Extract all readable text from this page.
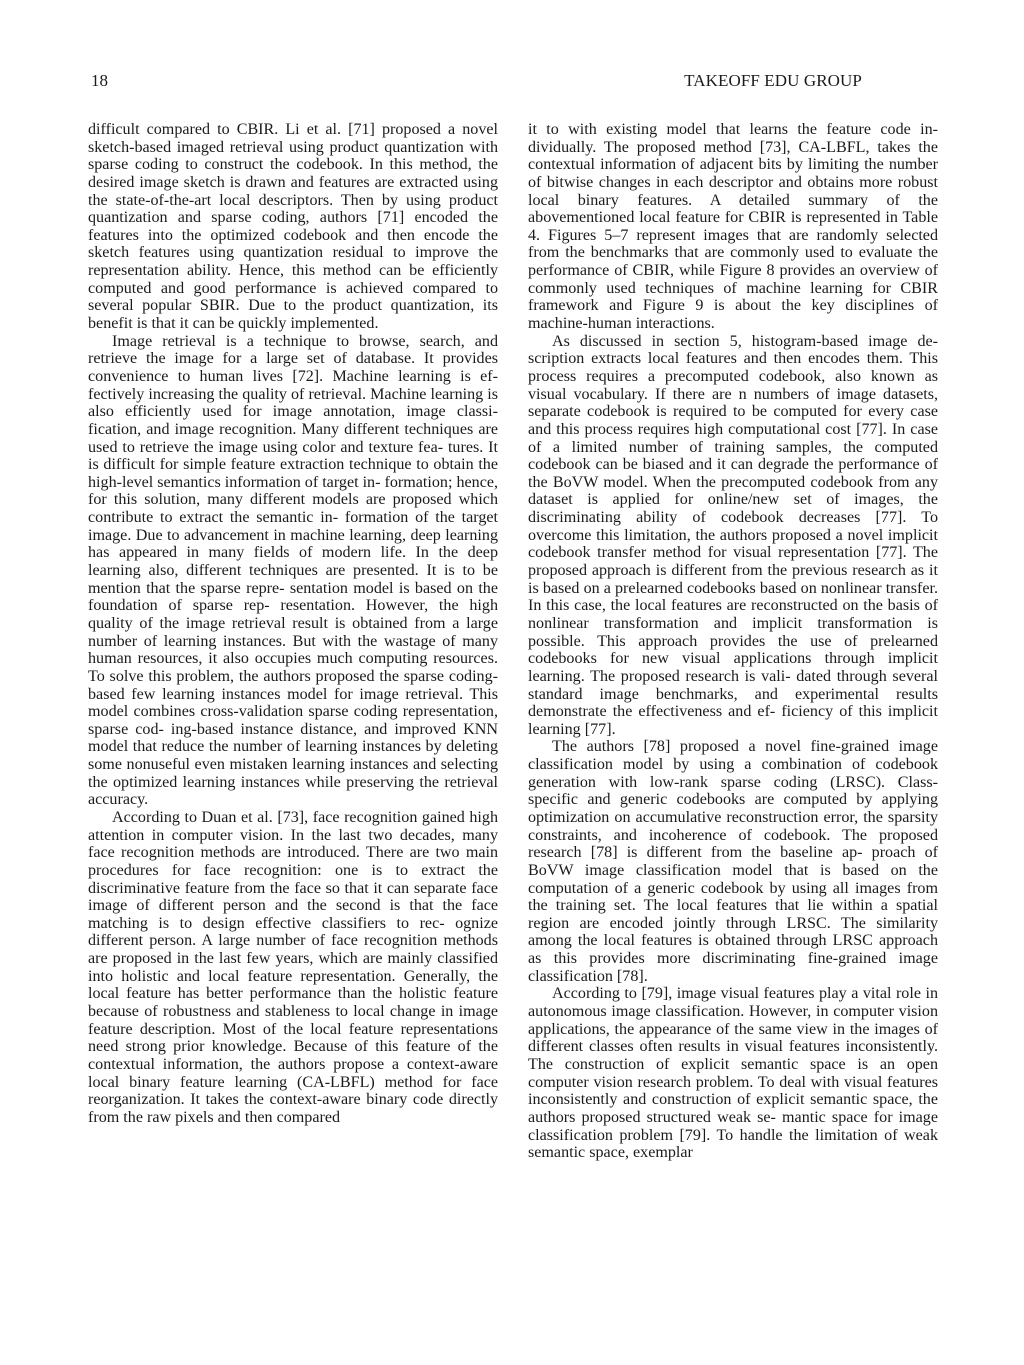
18	TAKEOFF EDU GROUP

difficult compared to CBIR. Li et al. [71] proposed a novel sketch-based imaged retrieval using product quantization with sparse coding to construct the codebook. In this method, the desired image sketch is drawn and features are extracted using the state-of-the-art local descriptors. Then by using product quantization and sparse coding, authors [71] encoded the features into the optimized codebook and then encode the sketch features using quantization residual to improve the representation ability. Hence, this method can be efficiently computed and good performance is achieved compared to several popular SBIR. Due to the product quantization, its benefit is that it can be quickly implemented.

Image retrieval is a technique to browse, search, and retrieve the image for a large set of database. It provides convenience to human lives [72]. Machine learning is ef- fectively increasing the quality of retrieval. Machine learning is also efficiently used for image annotation, image classi- fication, and image recognition. Many different techniques are used to retrieve the image using color and texture fea- tures. It is difficult for simple feature extraction technique to obtain the high-level semantics information of target in- formation; hence, for this solution, many different models are proposed which contribute to extract the semantic in- formation of the target image. Due to advancement in machine learning, deep learning has appeared in many fields of modern life. In the deep learning also, different techniques are presented. It is to be mention that the sparse repre- sentation model is based on the foundation of sparse rep- resentation. However, the high quality of the image retrieval result is obtained from a large number of learning instances. But with the wastage of many human resources, it also occupies much computing resources. To solve this problem, the authors proposed the sparse coding-based few learning instances model for image retrieval. This model combines cross-validation sparse coding representation, sparse cod- ing-based instance distance, and improved KNN model that reduce the number of learning instances by deleting some nonuseful even mistaken learning instances and selecting the optimized learning instances while preserving the retrieval accuracy.

According to Duan et al. [73], face recognition gained high attention in computer vision. In the last two decades, many face recognition methods are introduced. There are two main procedures for face recognition: one is to extract the discriminative feature from the face so that it can separate face image of different person and the second is that the face matching is to design effective classifiers to rec- ognize different person. A large number of face recognition methods are proposed in the last few years, which are mainly classified into holistic and local feature representation. Generally, the local feature has better performance than the holistic feature because of robustness and stableness to local change in image feature description. Most of the local feature representations need strong prior knowledge. Because of this feature of the contextual information, the authors propose a context-aware local binary feature learning (CA-LBFL) method for face reorganization. It takes the context-aware binary code directly from the raw pixels and then compared

it to with existing model that learns the feature code in- dividually. The proposed method [73], CA-LBFL, takes the contextual information of adjacent bits by limiting the number of bitwise changes in each descriptor and obtains more robust local binary features. A detailed summary of the abovementioned local feature for CBIR is represented in Table 4. Figures 5–7 represent images that are randomly selected from the benchmarks that are commonly used to evaluate the performance of CBIR, while Figure 8 provides an overview of commonly used techniques of machine learning for CBIR framework and Figure 9 is about the key disciplines of machine-human interactions.

As discussed in section 5, histogram-based image de- scription extracts local features and then encodes them. This process requires a precomputed codebook, also known as visual vocabulary. If there are n numbers of image datasets, separate codebook is required to be computed for every case and this process requires high computational cost [77]. In case of a limited number of training samples, the computed codebook can be biased and it can degrade the performance of the BoVW model. When the precomputed codebook from any dataset is applied for online/new set of images, the discriminating ability of codebook decreases [77]. To overcome this limitation, the authors proposed a novel implicit codebook transfer method for visual representation [77]. The proposed approach is different from the previous research as it is based on a prelearned codebooks based on nonlinear transfer. In this case, the local features are reconstructed on the basis of nonlinear transformation and implicit transformation is possible. This approach provides the use of prelearned codebooks for new visual applications through implicit learning. The proposed research is vali- dated through several standard image benchmarks, and experimental results demonstrate the effectiveness and ef- ficiency of this implicit learning [77].

The authors [78] proposed a novel fine-grained image classification model by using a combination of codebook generation with low-rank sparse coding (LRSC). Class- specific and generic codebooks are computed by applying optimization on accumulative reconstruction error, the sparsity constraints, and incoherence of codebook. The proposed research [78] is different from the baseline ap- proach of BoVW image classification model that is based on the computation of a generic codebook by using all images from the training set. The local features that lie within a spatial region are encoded jointly through LRSC. The similarity among the local features is obtained through LRSC approach as this provides more discriminating fine-grained image classification [78].

According to [79], image visual features play a vital role in autonomous image classification. However, in computer vision applications, the appearance of the same view in the images of different classes often results in visual features inconsistently. The construction of explicit semantic space is an open computer vision research problem. To deal with visual features inconsistently and construction of explicit semantic space, the authors proposed structured weak se- mantic space for image classification problem [79]. To handle the limitation of weak semantic space, exemplar
